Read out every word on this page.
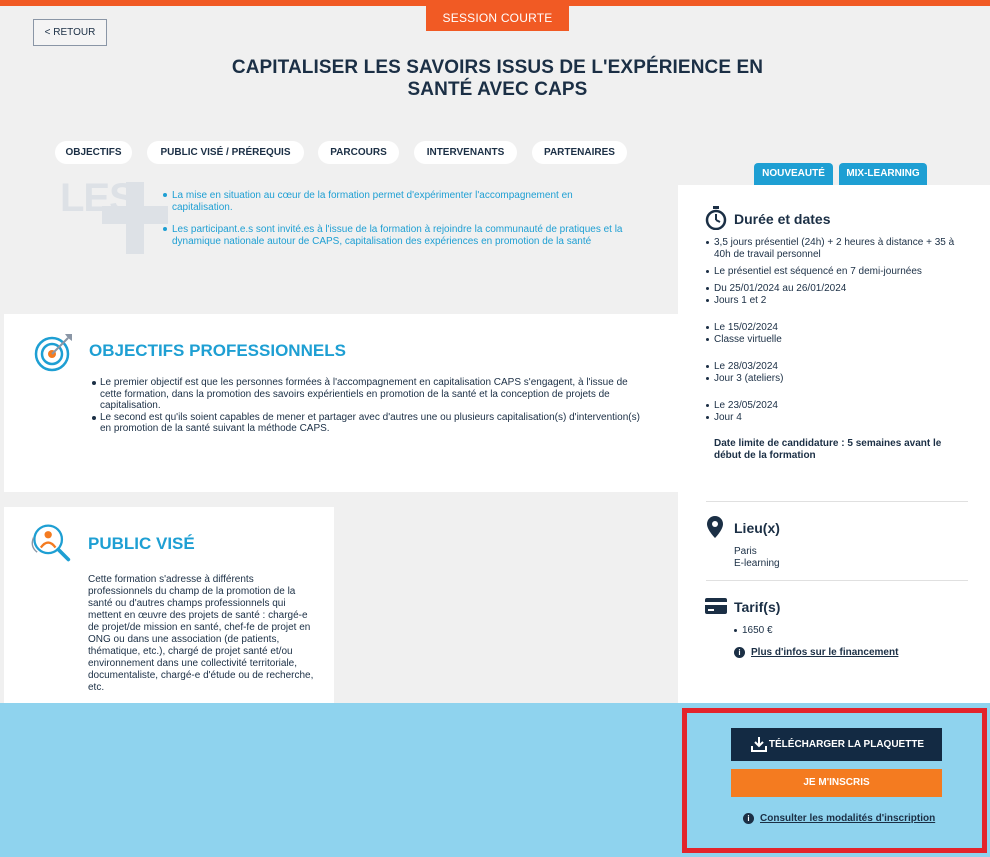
SESSION COURTE
< RETOUR
CAPITALISER LES SAVOIRS ISSUS DE L'EXPÉRIENCE EN
SANTÉ AVEC CAPS
OBJECTIFS	PUBLIC VISÉ / PRÉREQUIS	PARCOURS	INTERVENANTS	PARTENAIRES
NOUVEAUTÉ	MIX-LEARNING
LES	La mise en situation au cœur de la formation permet d'expérimenter l'accompagnement en capitalisation.
Les participant.e.s sont invité.es à l'issue de la formation à rejoindre la communauté de pratiques et la dynamique nationale autour de CAPS, capitalisation des expériences en promotion de la santé
OBJECTIFS PROFESSIONNELS
Le premier objectif est que les personnes formées à l'accompagnement en capitalisation CAPS s'engagent, à l'issue de cette formation, dans la promotion des savoirs expérientiels en promotion de la santé et la conception de projets de capitalisation.
Le second est qu'ils soient capables de mener et partager avec d'autres une ou plusieurs capitalisation(s) d'intervention(s) en promotion de la santé suivant la méthode CAPS.
PUBLIC VISÉ
Cette formation s'adresse à différents professionnels du champ de la promotion de la santé ou d'autres champs professionnels qui mettent en œuvre des projets de santé : chargé-e de projet/de mission en santé, chef-fe de projet en ONG ou dans une association (de patients, thématique, etc.), chargé de projet santé et/ou environnement dans une collectivité territoriale, documentaliste, chargé-e d'étude ou de recherche, etc.
Durée et dates
3,5 jours présentiel (24h) + 2 heures à distance + 35 à 40h de travail personnel
Le présentiel est séquencé en 7 demi-journées
Du 25/01/2024 au 26/01/2024
Jours 1 et 2
Le 15/02/2024
Classe virtuelle
Le 28/03/2024
Jour 3 (ateliers)
Le 23/05/2024
Jour 4
Date limite de candidature : 5 semaines avant le début de la formation
Lieu(x)
Paris
E-learning
Tarif(s)
1650 €
i Plus d'infos sur le financement
TÉLÉCHARGER LA PLAQUETTE
JE M'INSCRIS
i Consulter les modalités d'inscription
